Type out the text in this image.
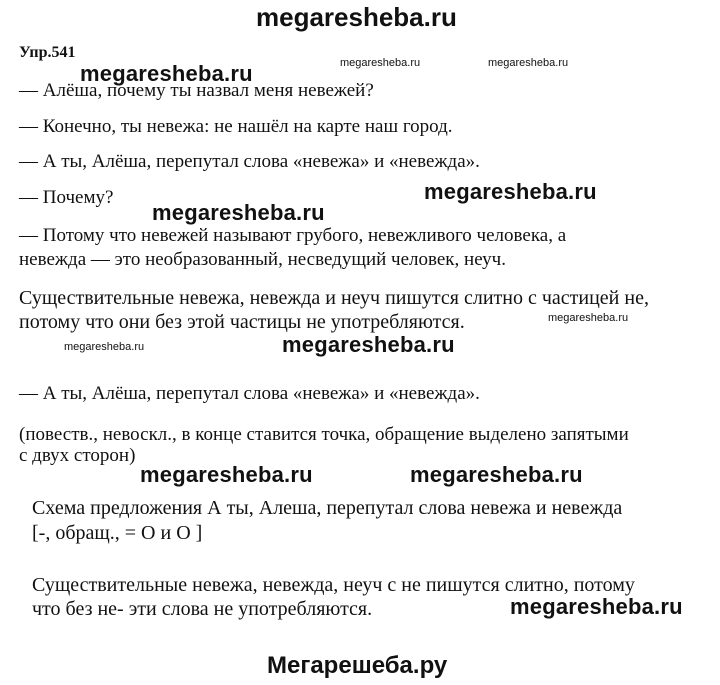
megaresheba.ru
Упр.541
megaresheba.ru	megaresheba.ru
megaresheba.ru
— Алёша, почему ты назвал меня невежей?
— Конечно, ты невежа: не нашёл на карте наш город.
— А ты, Алёша, перепутал слова «невежа» и «невежда».
megaresheba.ru
— Почему?
megaresheba.ru
— Потому что невежей называют грубого, невежливого человека, а
невежда — это необразованный, несведущий человек, неуч.
Существительные невежа, невежда и неуч пишутся слитно с частицей не,
потому что они без этой частицы не употребляются.	megaresheba.ru
megaresheba.ru	megaresheba.ru
— А ты, Алёша, перепутал слова «невежа» и «невежда».
(повеств., невоскл., в конце ставится точка, обращение выделено запятыми
с двух сторон)
megaresheba.ru	megaresheba.ru
Схема предложения А ты, Алеша, перепутал слова невежа и невежда
[-, обращ., = О и О ]
Существительные невежа, невежда, неуч с не пишутся слитно, потому
что без не- эти слова не употребляются.	megaresheba.ru
Мегарешеба.ру
